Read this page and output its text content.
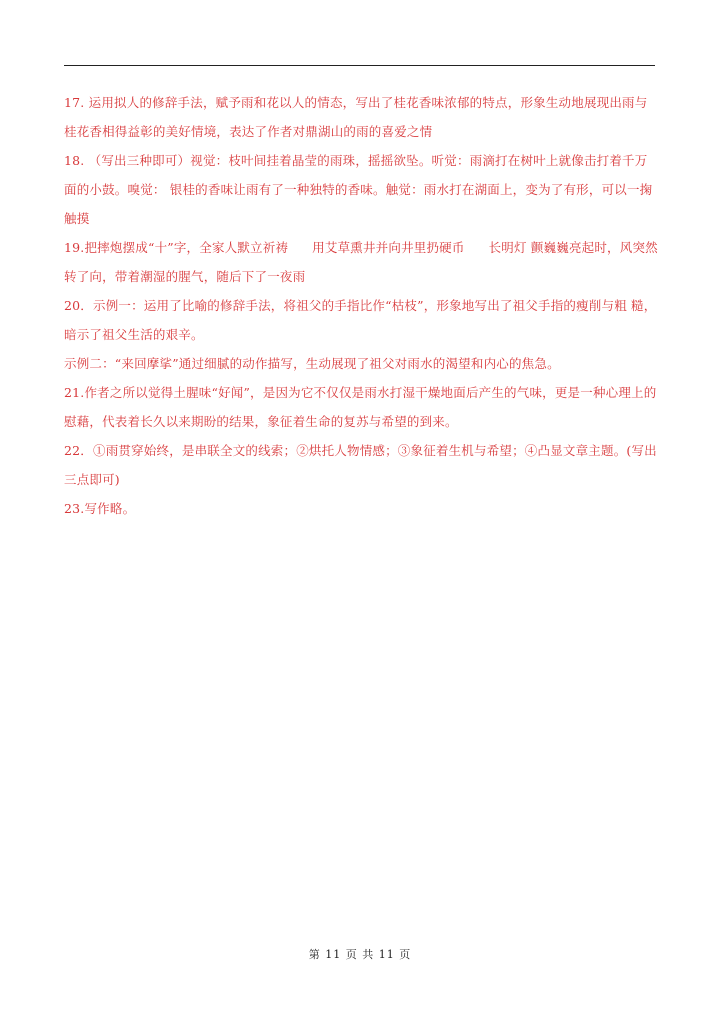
17. 运用拟人的修辞手法，赋予雨和花以人的情态，写出了桂花香味浓郁的特点，形象生动地展现出雨与桂花香相得益彰的美好情境，表达了作者对鼎湖山的雨的喜爱之情

18. （写出三种即可）视觉：枝叶间挂着晶莹的雨珠，摇摇欲坠。听觉：雨滴打在树叶上就像击打着千万面的小鼓。嗅觉： 银桂的香味让雨有了一种独特的香味。触觉：雨水打在湖面上，变为了有形，可以一掬触摸

19.把摔炮摆成“十”字，全家人默立祈祷 用艾草熏井并向井里扔硬币 长明灯 颤巍巍亮起时，风突然转了向，带着潮湿的腥气，随后下了一夜雨

20．示例一：运用了比喻的修辞手法，将祖父的手指比作“枯枝”，形象地写出了祖父手指的瘦削与粗 糙，暗示了祖父生活的艰辛。

示例二：“来回摩挲”通过细腻的动作描写，生动展现了祖父对雨水的渴望和内心的焦急。

21.作者之所以觉得土腥味“好闻”，是因为它不仅仅是雨水打湿干燥地面后产生的气味，更是一种心理上的慰藉，代表着长久以来期盼的结果，象征着生命的复苏与希望的到来。

22．①雨贯穿始终，是串联全文的线索；②烘托人物情感；③象征着生机与希望；④凸显文章主题。(写出三点即可)

23.写作略。

第 11 页 共 11 页
